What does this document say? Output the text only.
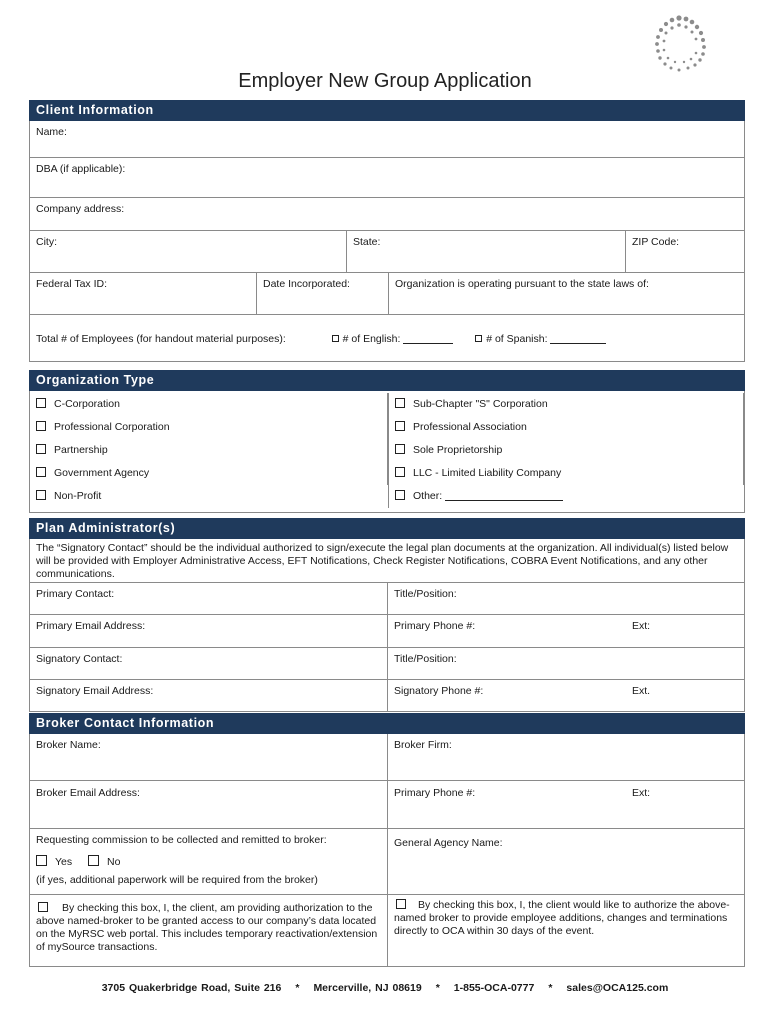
Employer New Group Application
Client Information
Name:
DBA (if applicable):
Company address:
City:	State:	ZIP Code:
Federal Tax ID:	Date Incorporated:	Organization is operating pursuant to the state laws of:
Total # of Employees (for handout material purposes):	# of English:	# of Spanish:
Organization Type
C-Corporation
Professional Corporation
Partnership
Government Agency
Non-Profit
Sub-Chapter "S" Corporation
Professional Association
Sole Proprietorship
LLC - Limited Liability Company
Other:
Plan Administrator(s)
The “Signatory Contact” should be the individual authorized to sign/execute the legal plan documents at the organization. All individual(s) listed below will be provided with Employer Administrative Access, EFT Notifications, Check Register Notifications, COBRA Event Notifications, and any other communications.
Primary Contact:	Title/Position:
Primary Email Address:	Primary Phone #:	Ext:
Signatory Contact:	Title/Position:
Signatory Email Address:	Signatory Phone #:	Ext.
Broker Contact Information
Broker Name:	Broker Firm:
Broker Email Address:	Primary Phone #:	Ext:
Requesting commission to be collected and remitted to broker:
Yes	No
(if yes, additional paperwork will be required from the broker)
General Agency Name:
By checking this box, I, the client, am providing authorization to the above named-broker to be granted access to our company’s data located on the MyRSC web portal. This includes temporary reactivation/extension of mySource transactions.
By checking this box, I, the client would like to authorize the above-named broker to provide employee additions, changes and terminations directly to OCA within 30 days of the event.
3705 Quakerbridge Road, Suite 216 * Mercerville, NJ 08619 * 1-855-OCA-0777 * sales@OCA125.com
